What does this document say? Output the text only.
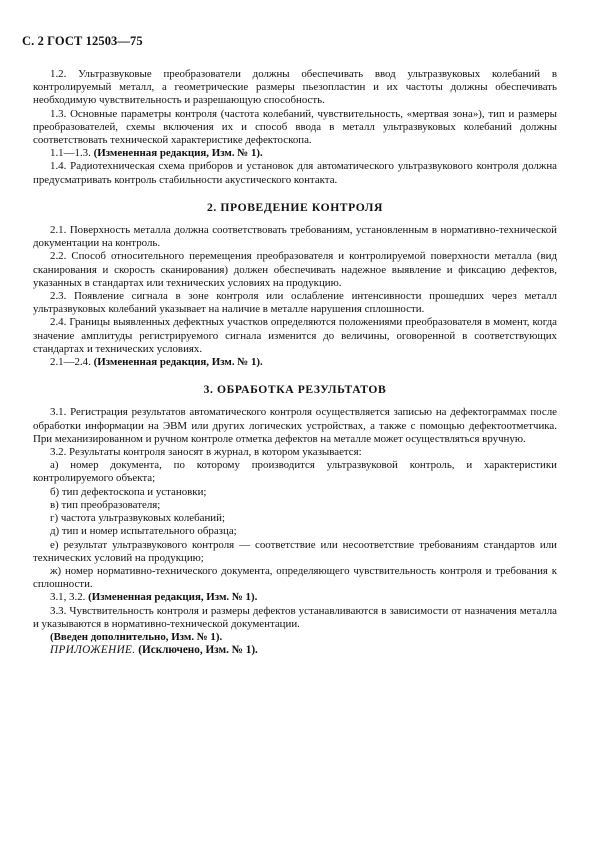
С. 2 ГОСТ 12503—75

1.2. Ультразвуковые преобразователи должны обеспечивать ввод ультразвуковых колебаний в контролируемый металл, а геометрические размеры пьезопластин и их частоты должны обеспечивать необходимую чувствительность и разрешающую способность.

1.3. Основные параметры контроля (частота колебаний, чувствительность, «мертвая зона»), тип и размеры преобразователей, схемы включения их и способ ввода в металл ультразвуковых колебаний должны соответствовать технической характеристике дефектоскопа.

1.1—1.3. (Измененная редакция, Изм. № 1).

1.4. Радиотехническая схема приборов и установок для автоматического ультразвукового контроля должна предусматривать контроль стабильности акустического контакта.

2. ПРОВЕДЕНИЕ КОНТРОЛЯ

2.1. Поверхность металла должна соответствовать требованиям, установленным в нормативно-технической документации на контроль.

2.2. Способ относительного перемещения преобразователя и контролируемой поверхности металла (вид сканирования и скорость сканирования) должен обеспечивать надежное выявление и фиксацию дефектов, указанных в стандартах или технических условиях на продукцию.

2.3. Появление сигнала в зоне контроля или ослабление интенсивности прошедших через металл ультразвуковых колебаний указывает на наличие в металле нарушения сплошности.

2.4. Границы выявленных дефектных участков определяются положениями преобразователя в момент, когда значение амплитуды регистрируемого сигнала изменится до величины, оговоренной в соответствующих стандартах и технических условиях.

2.1—2.4. (Измененная редакция, Изм. № 1).

3. ОБРАБОТКА РЕЗУЛЬТАТОВ

3.1. Регистрация результатов автоматического контроля осуществляется записью на дефектограммах после обработки информации на ЭВМ или других логических устройствах, а также с помощью дефектоотметчика. При механизированном и ручном контроле отметка дефектов на металле может осуществляться вручную.

3.2. Результаты контроля заносят в журнал, в котором указывается:

а) номер документа, по которому производится ультразвуковой контроль, и характеристики контролируемого объекта;

б) тип дефектоскопа и установки;

в) тип преобразователя;

г) частота ультразвуковых колебаний;

д) тип и номер испытательного образца;

е) результат ультразвукового контроля — соответствие или несоответствие требованиям стандартов или технических условий на продукцию;

ж) номер нормативно-технического документа, определяющего чувствительность контроля и требования к сплошности.

3.1, 3.2. (Измененная редакция, Изм. № 1).

3.3. Чувствительность контроля и размеры дефектов устанавливаются в зависимости от назначения металла и указываются в нормативно-технической документации.

(Введен дополнительно, Изм. № 1).

ПРИЛОЖЕНИЕ. (Исключено, Изм. № 1).
